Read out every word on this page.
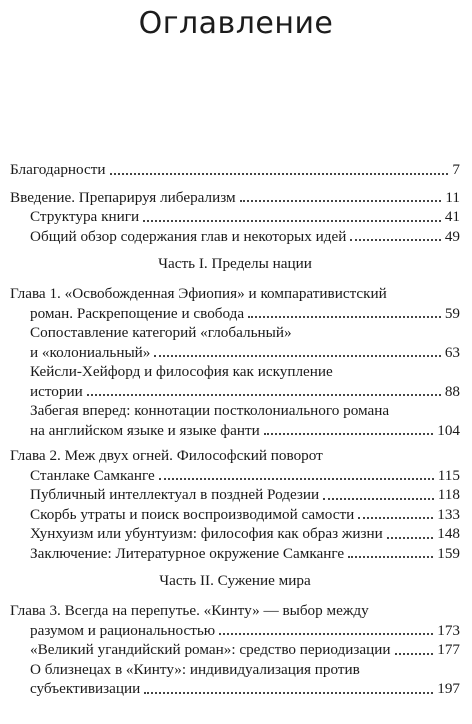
Оглавление
Благодарности	7
Введение. Препарируя либерализм	11
Структура книги	41
Общий обзор содержания глав и некоторых идей	49
Часть I. Пределы нации
Глава 1. «Освобожденная Эфиопия» и компаративистский
роман. Раскрепощение и свобода	59
Сопоставление категорий «глобальный»
и «колониальный»	63
Кейсли-Хейфорд и философия как искупление
истории	88
Забегая вперед: коннотации постколониального романа
на английском языке и языке фанти	104
Глава 2. Меж двух огней. Философский поворот
Станлаке Самканге	115
Публичный интеллектуал в поздней Родезии	118
Скорбь утраты и поиск воспроизводимой самости	133
Хунхуизм или убунтуизм: философия как образ жизни	148
Заключение: Литературное окружение Самканге	159
Часть II. Сужение мира
Глава 3. Всегда на перепутье. «Кинту» — выбор между
разумом и рациональностью	173
«Великий угандийский роман»: средство периодизации	177
О близнецах в «Кинту»: индивидуализация против
субъективизации	197
